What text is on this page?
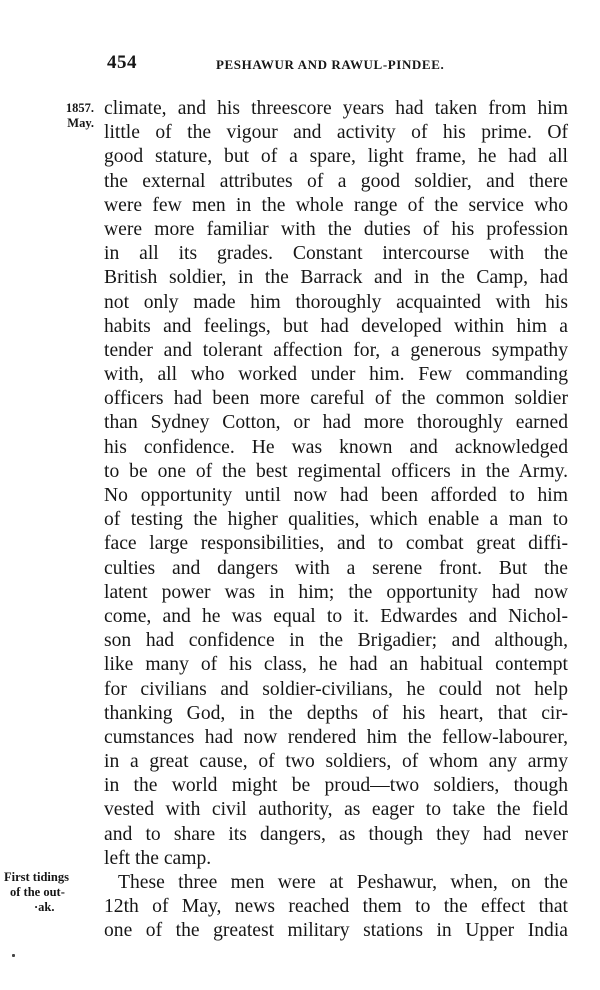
454	PESHAWUR AND RAWUL-PINDEE.
1857.
May.
First tidings
of the out-
·ak.
climate, and his threescore years had taken from him
little of the vigour and activity of his prime. Of
good stature, but of a spare, light frame, he had all
the external attributes of a good soldier, and there
were few men in the whole range of the service who
were more familiar with the duties of his profession
in all its grades. Constant intercourse with the
British soldier, in the Barrack and in the Camp, had
not only made him thoroughly acquainted with his
habits and feelings, but had developed within him a
tender and tolerant affection for, a generous sympathy
with, all who worked under him. Few commanding
officers had been more careful of the common soldier
than Sydney Cotton, or had more thoroughly earned
his confidence. He was known and acknowledged
to be one of the best regimental officers in the Army.
No opportunity until now had been afforded to him
of testing the higher qualities, which enable a man to
face large responsibilities, and to combat great diffi-
culties and dangers with a serene front. But the
latent power was in him; the opportunity had now
come, and he was equal to it. Edwardes and Nichol-
son had confidence in the Brigadier; and although,
like many of his class, he had an habitual contempt
for civilians and soldier-civilians, he could not help
thanking God, in the depths of his heart, that cir-
cumstances had now rendered him the fellow-labourer,
in a great cause, of two soldiers, of whom any army
in the world might be proud—two soldiers, though
vested with civil authority, as eager to take the field
and to share its dangers, as though they had never
left the camp.
These three men were at Peshawur, when, on the
12th of May, news reached them to the effect that
one of the greatest military stations in Upper India
